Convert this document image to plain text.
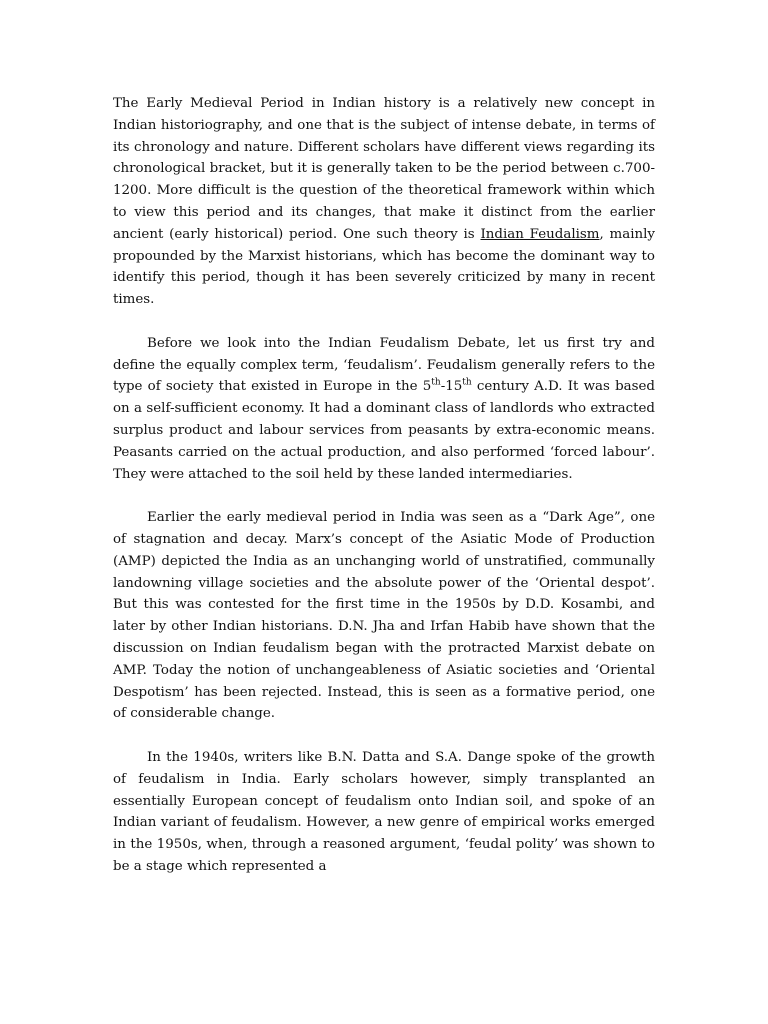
The Early Medieval Period in Indian history is a relatively new concept in Indian historiography, and one that is the subject of intense debate, in terms of its chronology and nature. Different scholars have different views regarding its chronological bracket, but it is generally taken to be the period between c.700-1200. More difficult is the question of the theoretical framework within which to view this period and its changes, that make it distinct from the earlier ancient (early historical) period. One such theory is Indian Feudalism, mainly propounded by the Marxist historians, which has become the dominant way to identify this period, though it has been severely criticized by many in recent times.

Before we look into the Indian Feudalism Debate, let us first try and define the equally complex term, ‘feudalism’. Feudalism generally refers to the type of society that existed in Europe in the 5th-15th century A.D. It was based on a self-sufficient economy. It had a dominant class of landlords who extracted surplus product and labour services from peasants by extra-economic means. Peasants carried on the actual production, and also performed ‘forced labour’. They were attached to the soil held by these landed intermediaries.

Earlier the early medieval period in India was seen as a “Dark Age”, one of stagnation and decay. Marx’s concept of the Asiatic Mode of Production (AMP) depicted the India as an unchanging world of unstratified, communally landowning village societies and the absolute power of the ‘Oriental despot’. But this was contested for the first time in the 1950s by D.D. Kosambi, and later by other Indian historians. D.N. Jha and Irfan Habib have shown that the discussion on Indian feudalism began with the protracted Marxist debate on AMP. Today the notion of unchangeableness of Asiatic societies and ‘Oriental Despotism’ has been rejected. Instead, this is seen as a formative period, one of considerable change.

In the 1940s, writers like B.N. Datta and S.A. Dange spoke of the growth of feudalism in India. Early scholars however, simply transplanted an essentially European concept of feudalism onto Indian soil, and spoke of an Indian variant of feudalism. However, a new genre of empirical works emerged in the 1950s, when, through a reasoned argument, ‘feudal polity’ was shown to be a stage which represented a
